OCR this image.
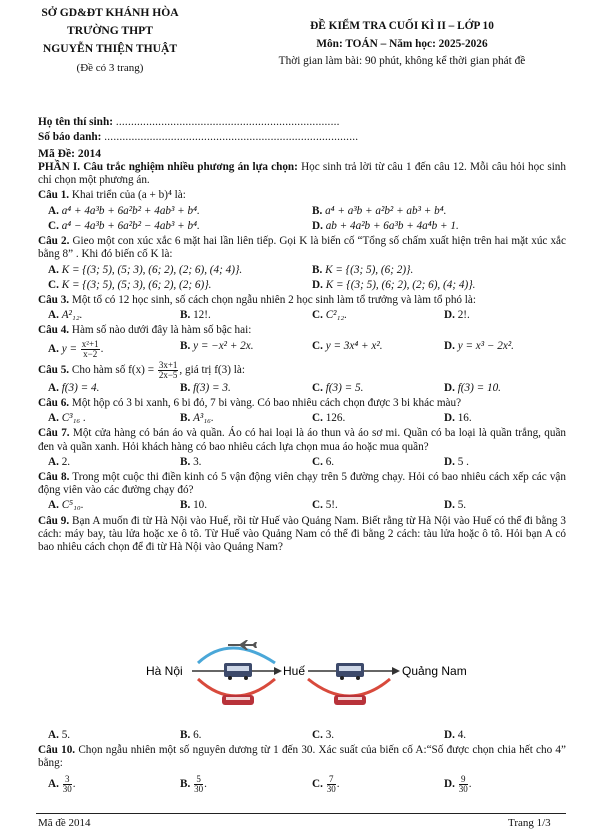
SỞ GD&ĐT KHÁNH HÒA
TRƯỜNG THPT
NGUYỄN THIỆN THUẬT
(Đề có 3 trang)
ĐỀ KIỂM TRA CUỐI KÌ II – LỚP 10
Môn: TOÁN – Năm học: 2025-2026
Thời gian làm bài: 90 phút, không kể thời gian phát đề
Họ tên thí sinh: ..........................................................................
Số báo danh: ....................................................................................
Mã Đề: 2014

PHẦN I. Câu trắc nghiệm nhiều phương án lựa chọn: Học sinh trả lời từ câu 1 đến câu 12. Mỗi câu hỏi học sinh chỉ chọn một phương án.

Câu 1. Khai triển của (a + b)⁴ là:

A. a⁴ + 4a³b + 6a²b² + 4ab³ + b⁴.	B. a⁴ + a³b + a²b² + ab³ + b⁴.
C. a⁴ − 4a³b + 6a²b² − 4ab³ + b⁴.	D. ab + 4a²b + 6a³b + 4a⁴b + 1.

Câu 2. Gieo một con xúc xắc 6 mặt hai lần liên tiếp. Gọi K là biến cố “Tổng số chấm xuất hiện trên hai mặt xúc xắc bằng 8” . Khi đó biến cố K là:

A. K = {(3; 5), (5; 3), (6; 2), (2; 6), (4; 4)}.	B. K = {(3; 5), (6; 2)}.
C. K = {(3; 5), (5; 3), (6; 2), (2; 6)}.	D. K = {(3; 5), (6; 2), (2; 6), (4; 4)}.

Câu 3. Một tổ có 12 học sinh, số cách chọn ngẫu nhiên 2 học sinh làm tổ trưởng và làm tổ phó là:

A. A²₁₂.	B. 12!.	C. C²₁₂.	D. 2!.

Câu 4. Hàm số nào dưới đây là hàm số bậc hai:

A. $y = \frac{\text{x²+1}}{x-2}$ .	B. y = −x² + 2x.	C. y = 3x⁴ + x².	D. y = x³ − 2x².

Câu 5. Cho hàm số $f(x) = \frac{3x+1}{2x-5}$ , giá trị f(3) là:

A. f(3) = 4.	B. f(3) = 3.	C. f(3) = 5.	D. f(3) = 10.

Câu 6. Một hộp có 3 bi xanh, 6 bi đỏ, 7 bi vàng. Có bao nhiêu cách chọn được 3 bi khác màu?

A. C³₁₆ .	B. A³₁₆.	C. 126.	D. 16.

Câu 7. Một cửa hàng có bán áo và quần. Áo có hai loại là áo thun và áo sơ mi. Quần có ba loại là quần trắng, quần đen và quần xanh. Hỏi khách hàng có bao nhiêu cách lựa chọn mua áo hoặc mua quần?

A. 2.	B. 3.	C. 6.	D. 5 .

Câu 8. Trong một cuộc thi điền kinh có 5 vận động viên chạy trên 5 đường chạy. Hỏi có bao nhiêu cách xếp các vận động viên vào các đường chạy đó?

A. C⁵₁₀.	B. 10.	C. 5!.	D. 5.

Câu 9. Bạn A muốn đi từ Hà Nội vào Huế, rồi từ Huế vào Quảng Nam. Biết rằng từ Hà Nội vào Huế có thể đi bằng 3 cách: máy bay, tàu lửa hoặc xe ô tô. Từ Huế vào Quảng Nam có thể đi bằng 2 cách: tàu lửa hoặc ô tô. Hỏi bạn A có bao nhiêu cách chọn để đi từ Hà Nội vào Quảng Nam?

Hà Nội	Huế	Quảng Nam
A. 5.	B. 6.	C. 3.	D. 4.

Câu 10. Chọn ngẫu nhiên một số nguyên dương từ 1 đến 30. Xác suất của biến cố A:“Số được chọn chia hết cho 4” bằng:

A. $\frac{3}{30}$ .	B. $\frac{5}{30}$ .	C. $\frac{7}{30}$ .	D. $\frac{9}{30}$ .
Mã đề 2014	Trang 1/3
